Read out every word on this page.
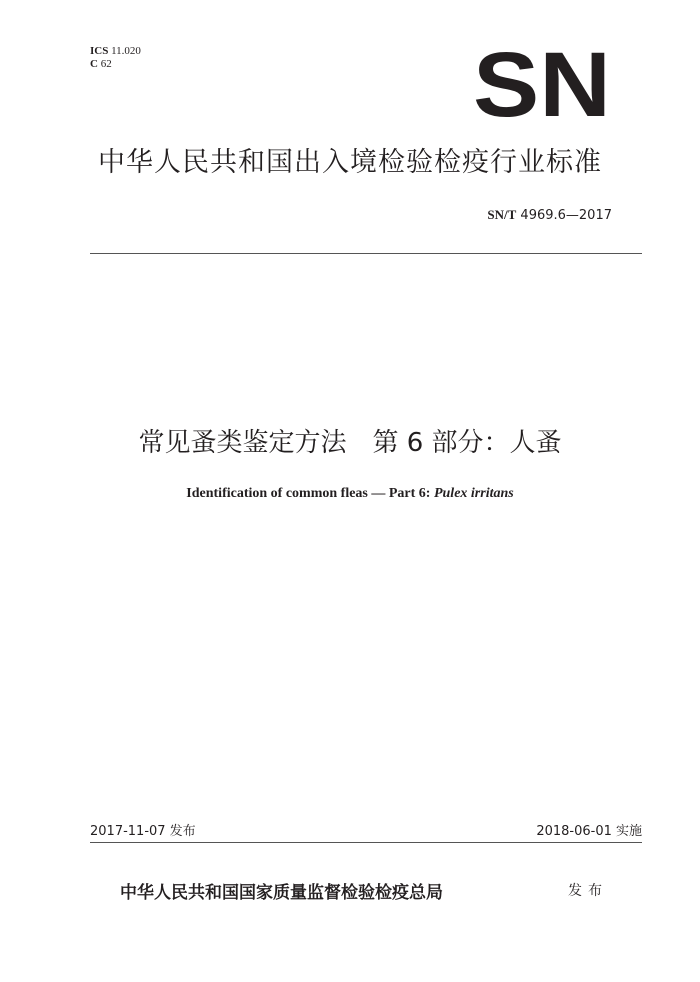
ICS 11.020
C 62	SN
中华人民共和国出入境检验检疫行业标准
SN/T 4969.6—2017
常见蚤类鉴定方法 第 6 部分：人蚤
Identification of common fleas — Part 6: Pulex irritans
2017-11-07 发布	2018-06-01 实施
中华人民共和国国家质量监督检验检疫总局	发布
